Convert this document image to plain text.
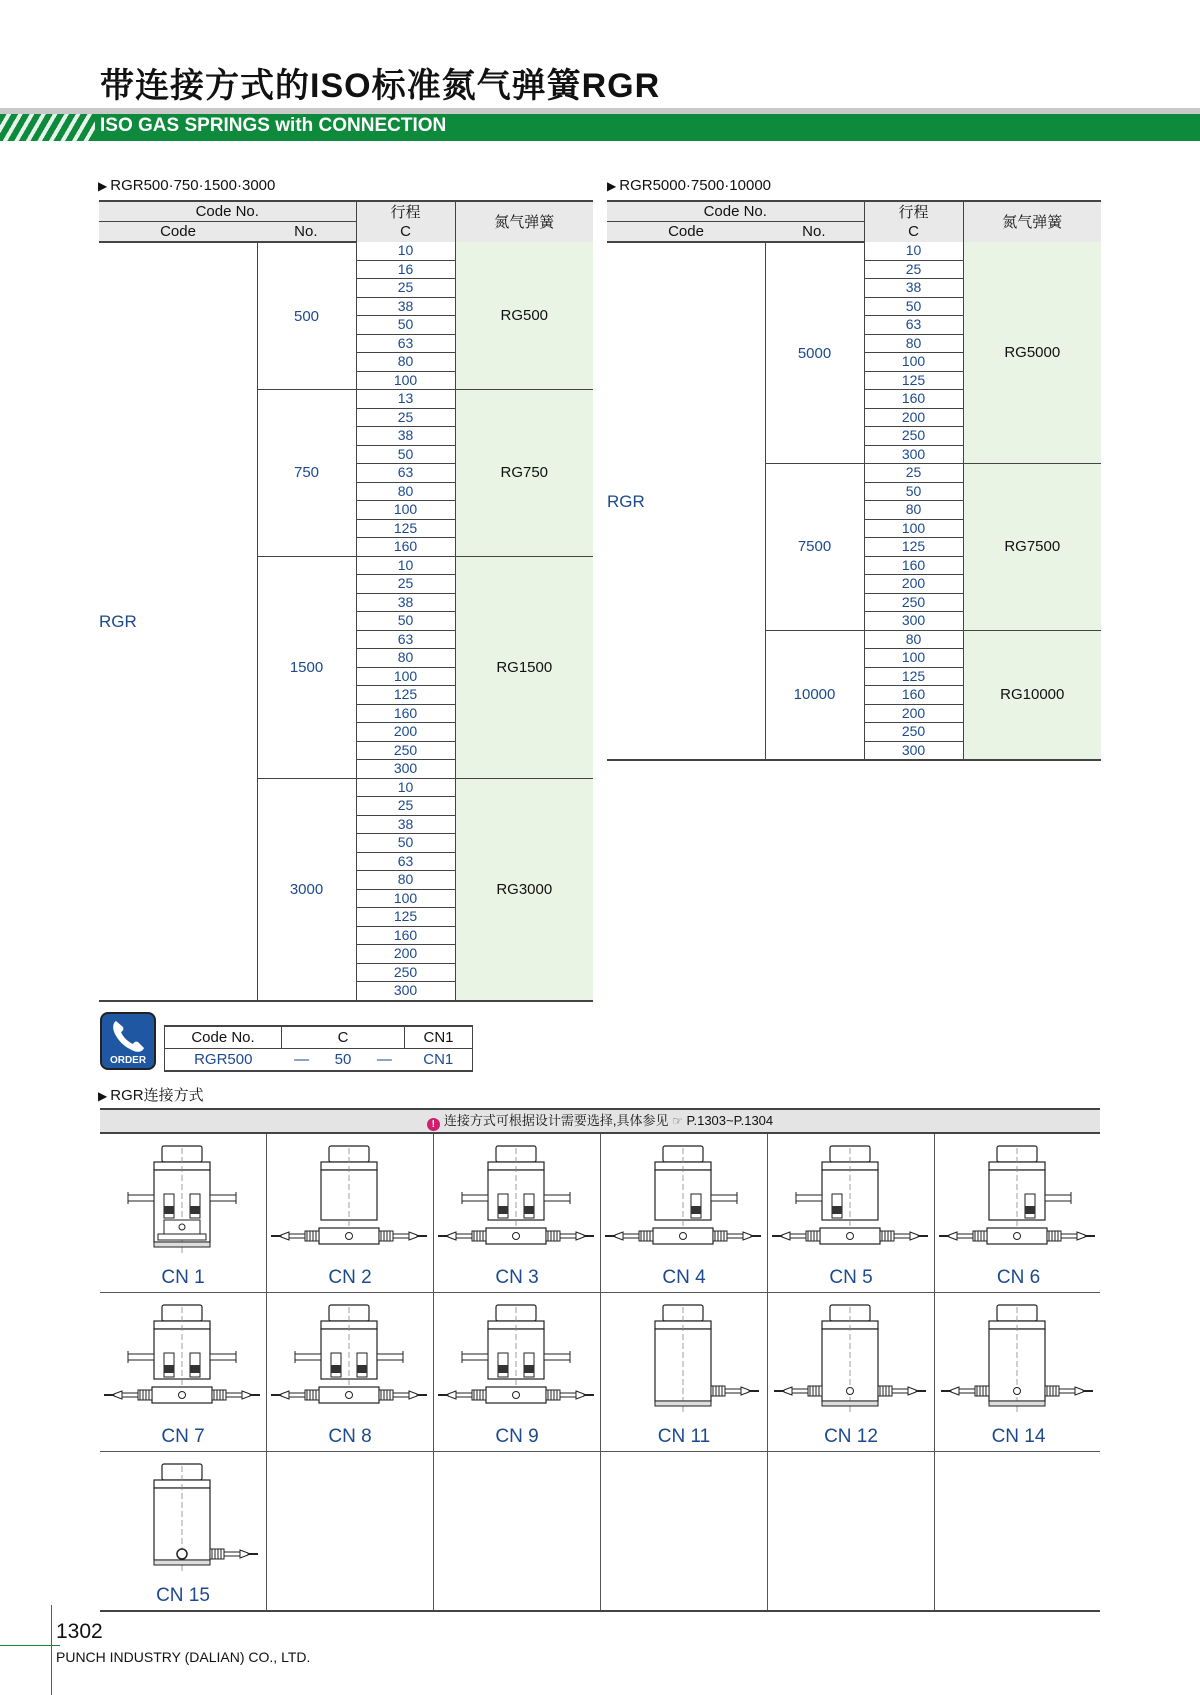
带连接方式的ISO标准氮气弹簧RGR
ISO GAS SPRINGS with CONNECTION
▶ RGR500·750·1500·3000
Code No.		行程
C	氮气弹簧
Code	No.		
RGR	500	10	RG500
		16	
		25	
		38	
		50	
		63	
		80	
		100	
	750	13	RG750
		25	
		38	
		50	
		63	
		80	
		100	
		125	
		160	
	1500	10	RG1500
		25	
		38	
		50	
		63	
		80	
		100	
		125	
		160	
		200	
		250	
		300	
	3000	10	RG3000
		25	
		38	
		50	
		63	
		80	
		100	
		125	
		160	
		200	
		250	
		300	
▶ RGR5000·7500·10000
Code No.		行程
C	氮气弹簧
Code	No.		
RGR	5000	10	RG5000
		25	
		38	
		50	
		63	
		80	
		100	
		125	
		160	
		200	
		250	
		300	
	7500	25	RG7500
		50	
		80	
		100	
		125	
		160	
		200	
		250	
		300	
	10000	80	RG10000
		100	
		125	
		160	
		200	
		250	
		300	
ORDER
Code No.	C			CN1
RGR500	—	50	—	CN1
▶ RGR连接方式
! 连接方式可根据设计需要选择,具体参见 ☞ P.1303~P.1304
CN 1	CN 2	CN 3	CN 4	CN 5	CN 6
CN 7	CN 8	CN 9	CN 11	CN 12	CN 14
CN 15
1302
PUNCH INDUSTRY (DALIAN) CO., LTD.
